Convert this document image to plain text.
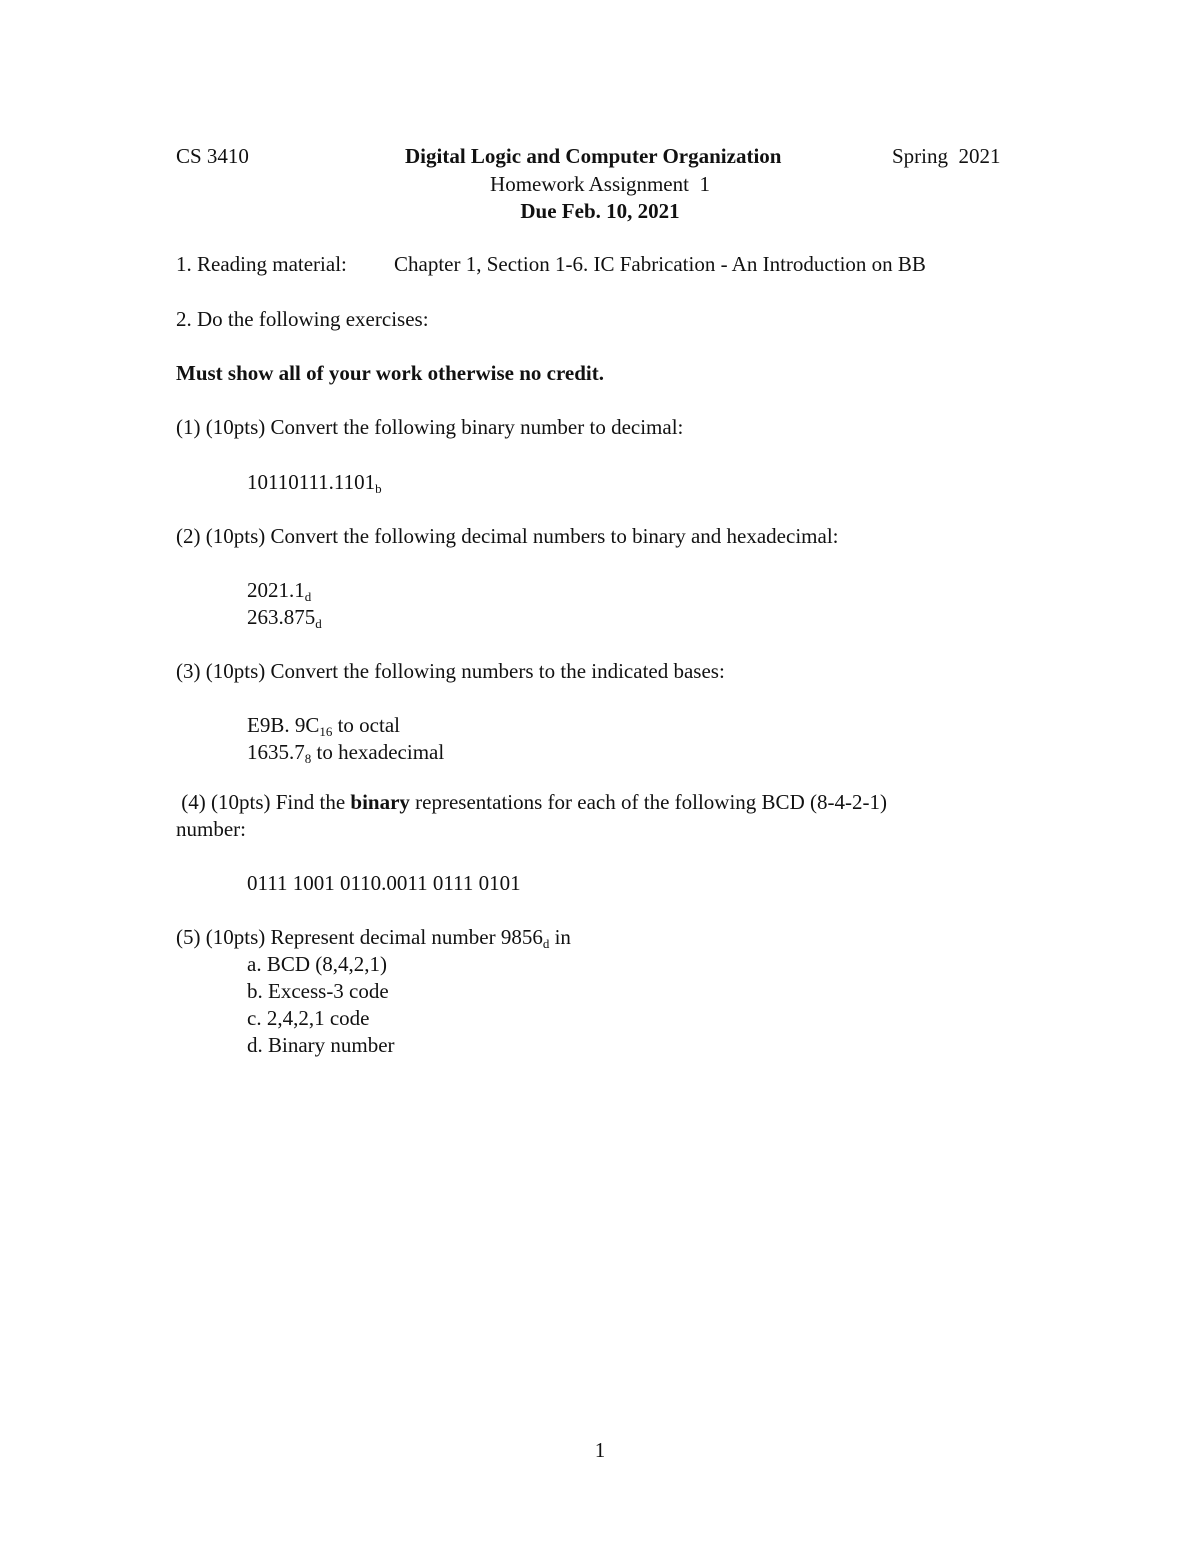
CS 3410	Digital Logic and Computer Organization	Spring  2021
Homework Assignment  1
Due Feb. 10, 2021
1. Reading material: Chapter 1, Section 1-6. IC Fabrication - An Introduction on BB
2. Do the following exercises:
Must show all of your work otherwise no credit.
(1) (10pts) Convert the following binary number to decimal:
$10110111.1101_b$
(2) (10pts) Convert the following decimal numbers to binary and hexadecimal:
$2021.1_d$
$263.875_d$
(3) (10pts) Convert the following numbers to the indicated bases:
E9B. $9C_{16}$ to octal
$1635.7_8$ to hexadecimal
(4) (10pts) Find the binary representations for each of the following BCD (8-4-2-1)
number:
0111 1001 0110.0011 0111 0101
(5) (10pts) Represent decimal number $9856_d$ in
a. BCD (8,4,2,1)
b. Excess-3 code
c. 2,4,2,1 code
d. Binary number
1
